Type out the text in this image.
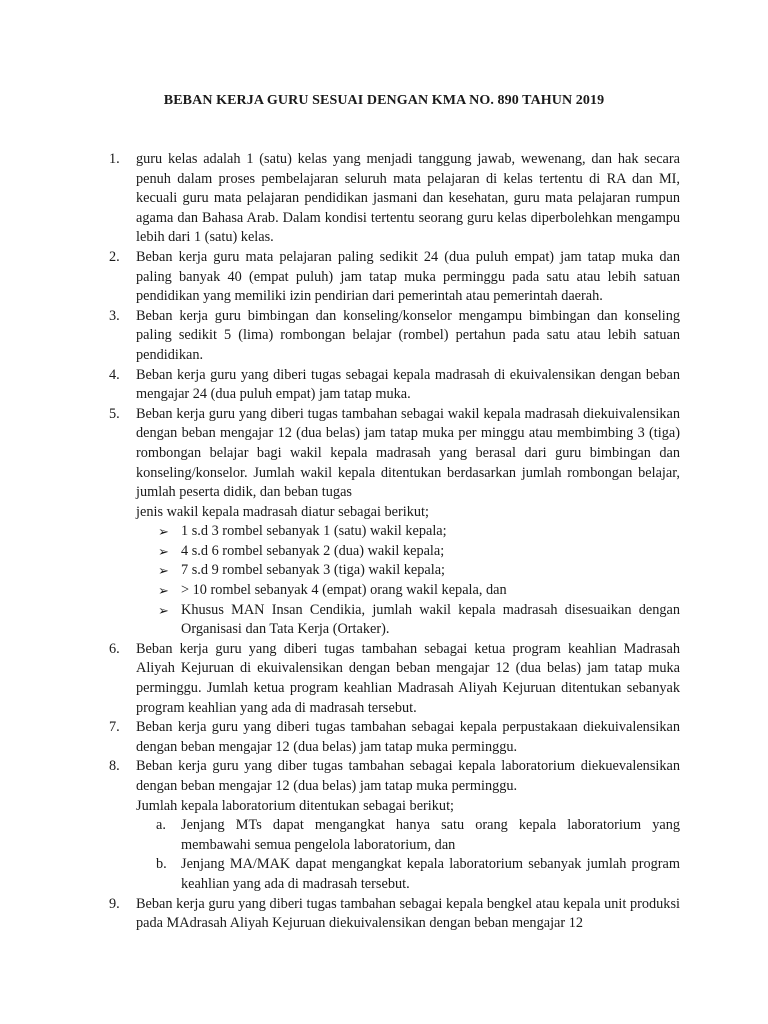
BEBAN KERJA GURU SESUAI DENGAN KMA NO. 890 TAHUN 2019
1. guru kelas adalah 1 (satu) kelas yang menjadi tanggung jawab, wewenang, dan hak secara penuh dalam proses pembelajaran seluruh mata pelajaran di kelas tertentu di RA dan MI, kecuali guru mata pelajaran pendidikan jasmani dan kesehatan, guru mata pelajaran rumpun agama dan Bahasa Arab. Dalam kondisi tertentu seorang guru kelas diperbolehkan mengampu lebih dari 1 (satu) kelas.
2. Beban kerja guru mata pelajaran paling sedikit 24 (dua puluh empat) jam tatap muka dan paling banyak 40 (empat puluh) jam tatap muka perminggu pada satu atau lebih satuan pendidikan yang memiliki izin pendirian dari pemerintah atau pemerintah daerah.
3. Beban kerja guru bimbingan dan konseling/konselor mengampu bimbingan dan konseling paling sedikit 5 (lima) rombongan belajar (rombel) pertahun pada satu atau lebih satuan pendidikan.
4. Beban kerja guru yang diberi tugas sebagai kepala madrasah di ekuivalensikan dengan beban mengajar 24 (dua puluh empat) jam tatap muka.
5. Beban kerja guru yang diberi tugas tambahan sebagai wakil kepala madrasah diekuivalensikan dengan beban mengajar 12 (dua belas) jam tatap muka per minggu atau membimbing 3 (tiga) rombongan belajar bagi wakil kepala madrasah yang berasal dari guru bimbingan dan konseling/konselor. Jumlah wakil kepala ditentukan berdasarkan jumlah rombongan belajar, jumlah peserta didik, dan beban tugas
jenis wakil kepala madrasah diatur sebagai berikut;
➢ 1 s.d 3 rombel sebanyak 1 (satu) wakil kepala;
➢ 4 s.d 6 rombel sebanyak 2 (dua) wakil kepala;
➢ 7 s.d 9 rombel sebanyak 3 (tiga) wakil kepala;
➢ > 10 rombel sebanyak 4 (empat) orang wakil kepala, dan
➢ Khusus MAN Insan Cendikia, jumlah wakil kepala madrasah disesuaikan dengan Organisasi dan Tata Kerja (Ortaker).
6. Beban kerja guru yang diberi tugas tambahan sebagai ketua program keahlian Madrasah Aliyah Kejuruan di ekuivalensikan dengan beban mengajar 12 (dua belas) jam tatap muka perminggu. Jumlah ketua program keahlian Madrasah Aliyah Kejuruan ditentukan sebanyak program keahlian yang ada di madrasah tersebut.
7. Beban kerja guru yang diberi tugas tambahan sebagai kepala perpustakaan diekuivalensikan dengan beban mengajar 12 (dua belas) jam tatap muka perminggu.
8. Beban kerja guru yang diber tugas tambahan sebagai kepala laboratorium diekuevalensikan dengan beban mengajar 12 (dua belas) jam tatap muka perminggu.
Jumlah kepala laboratorium ditentukan sebagai berikut;
a. Jenjang MTs dapat mengangkat hanya satu orang kepala laboratorium yang membawahi semua pengelola laboratorium, dan
b. Jenjang MA/MAK dapat mengangkat kepala laboratorium sebanyak jumlah program keahlian yang ada di madrasah tersebut.
9. Beban kerja guru yang diberi tugas tambahan sebagai kepala bengkel atau kepala unit produksi pada MAdrasah Aliyah Kejuruan diekuivalensikan dengan beban mengajar 12
